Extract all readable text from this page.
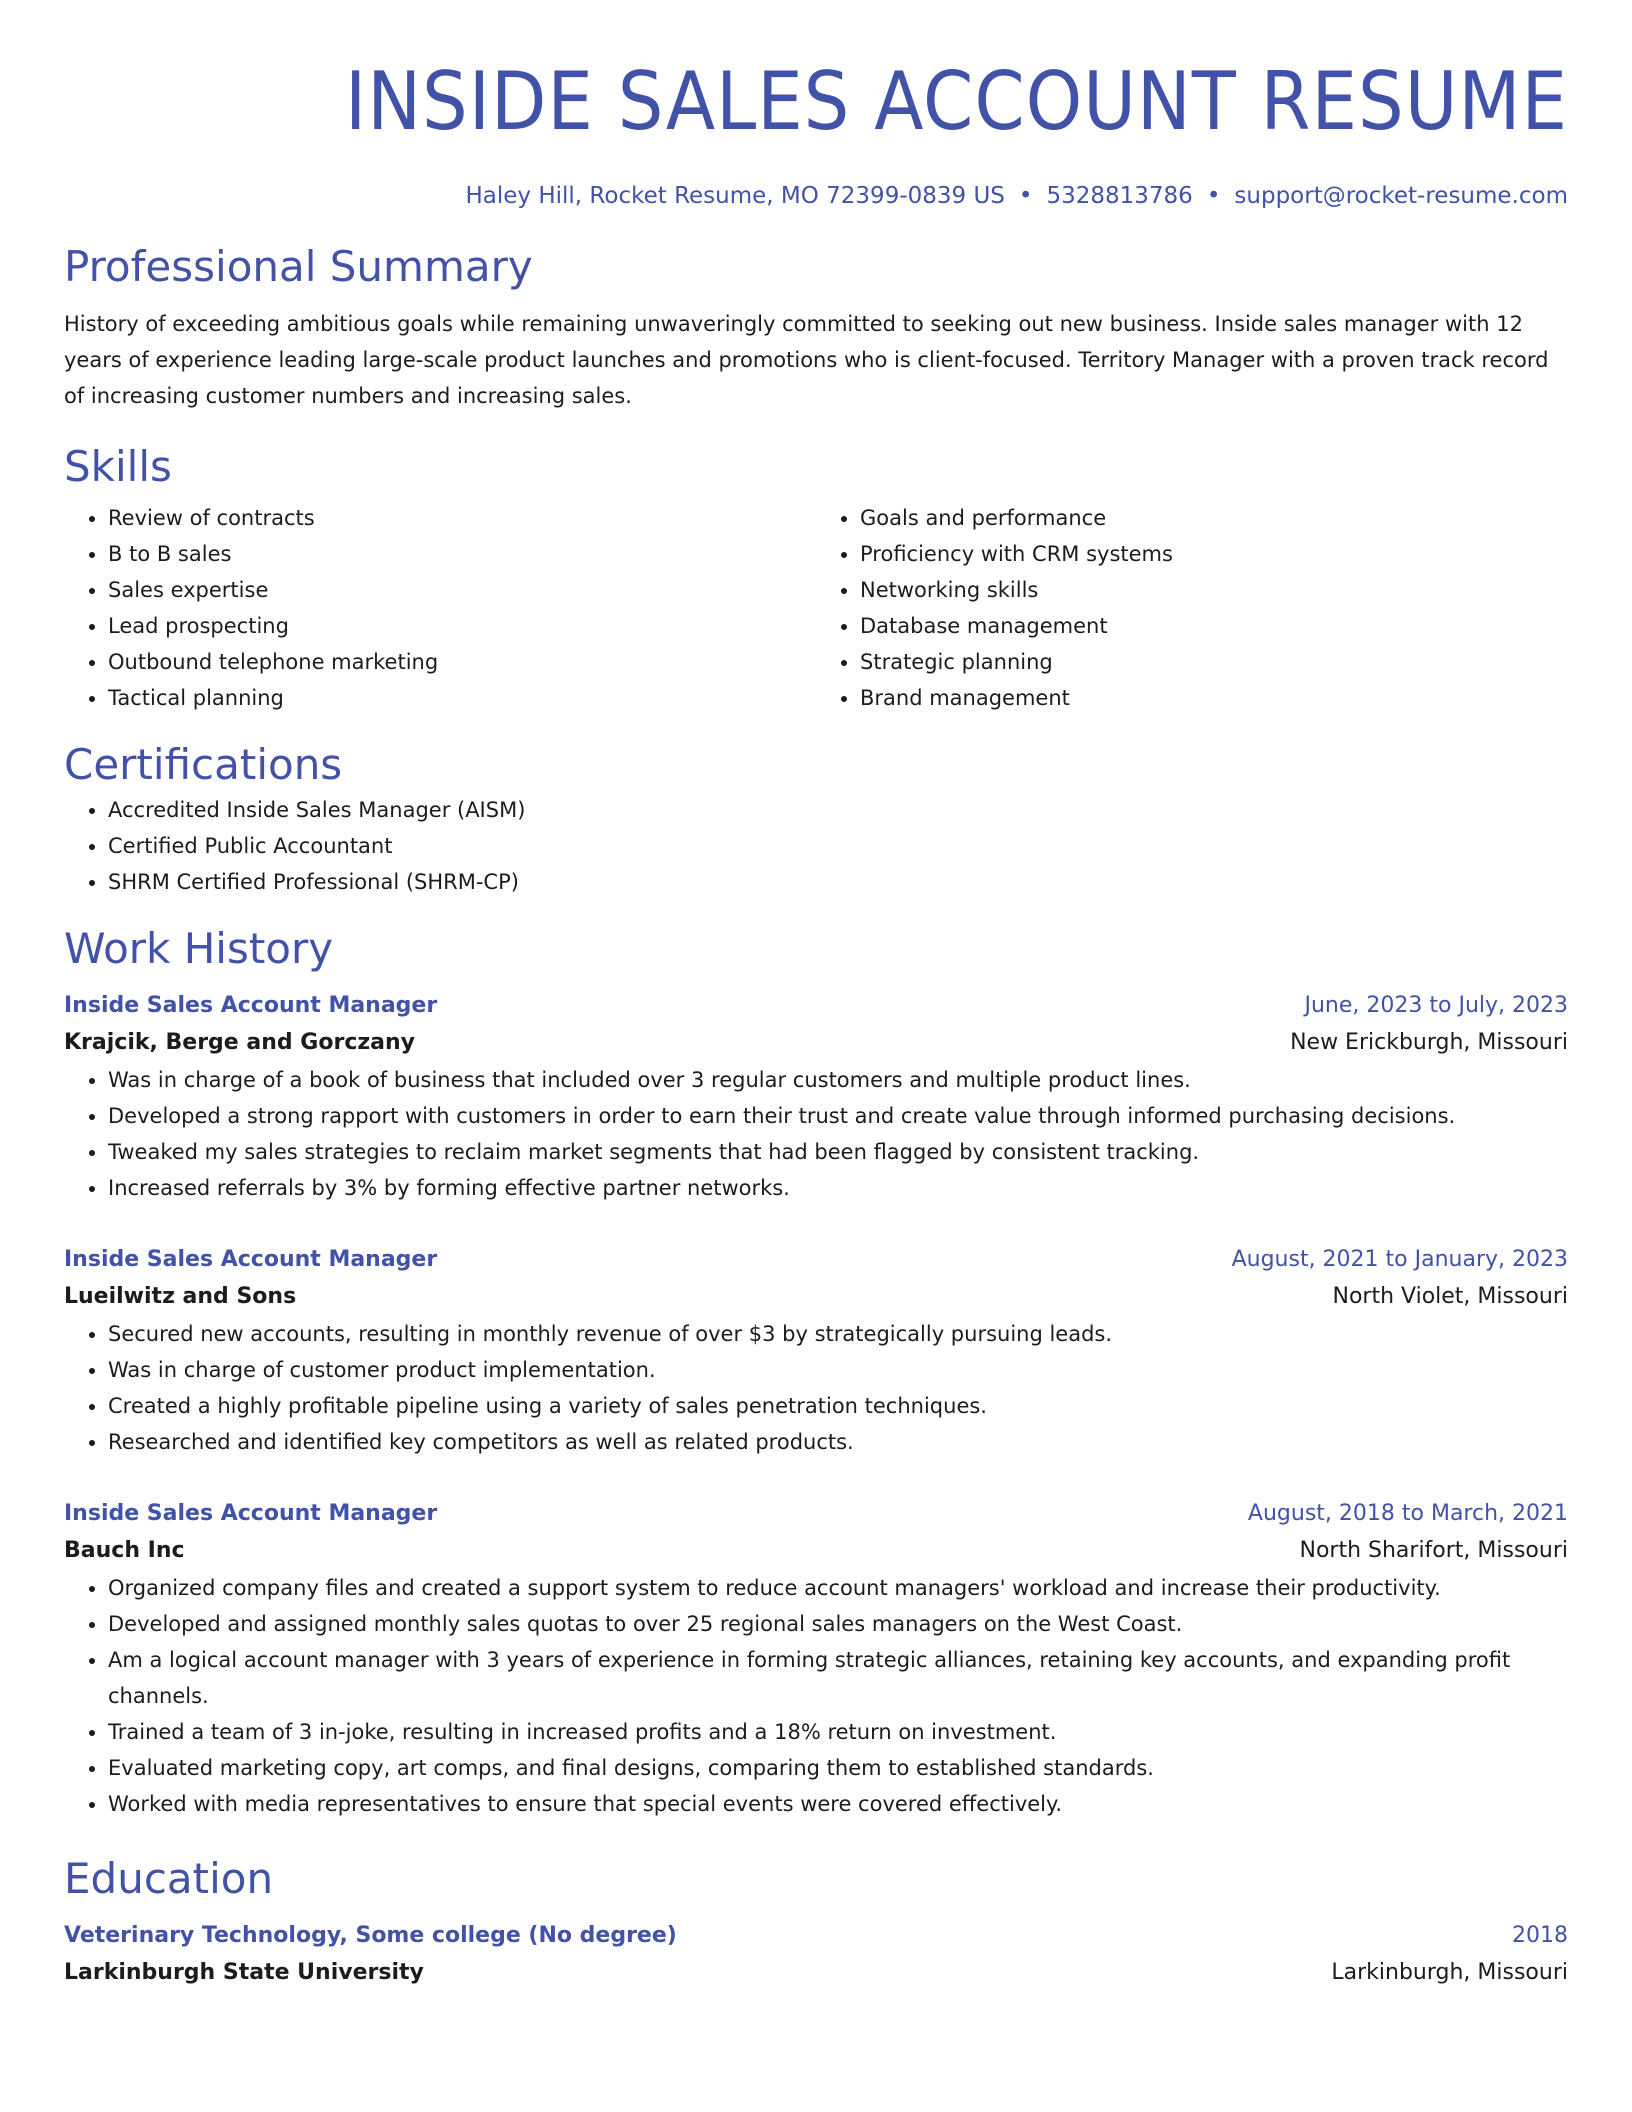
INSIDE SALES ACCOUNT RESUME
Haley Hill, Rocket Resume, MO 72399-0839 US • 5328813786 • support@rocket-resume.com
Professional Summary

History of exceeding ambitious goals while remaining unwaveringly committed to seeking out new business. Inside sales manager with 12 years of experience leading large-scale product launches and promotions who is client-focused. Territory Manager with a proven track record of increasing customer numbers and increasing sales.

Skills
• Review of contracts
• B to B sales
• Sales expertise
• Lead prospecting
• Outbound telephone marketing
• Tactical planning
• Goals and performance
• Proficiency with CRM systems
• Networking skills
• Database management
• Strategic planning
• Brand management
Certifications
• Accredited Inside Sales Manager (AISM)
• Certified Public Accountant
• SHRM Certified Professional (SHRM-CP)
Work History
Inside Sales Account Manager	June, 2023 to July, 2023
Krajcik, Berge and Gorczany	New Erickburgh, Missouri
• Was in charge of a book of business that included over 3 regular customers and multiple product lines.
• Developed a strong rapport with customers in order to earn their trust and create value through informed purchasing decisions.
• Tweaked my sales strategies to reclaim market segments that had been flagged by consistent tracking.
• Increased referrals by 3% by forming effective partner networks.
Inside Sales Account Manager	August, 2021 to January, 2023
Lueilwitz and Sons	North Violet, Missouri
• Secured new accounts, resulting in monthly revenue of over $3 by strategically pursuing leads.
• Was in charge of customer product implementation.
• Created a highly profitable pipeline using a variety of sales penetration techniques.
• Researched and identified key competitors as well as related products.
Inside Sales Account Manager	August, 2018 to March, 2021
Bauch Inc	North Sharifort, Missouri
• Organized company files and created a support system to reduce account managers' workload and increase their productivity.
• Developed and assigned monthly sales quotas to over 25 regional sales managers on the West Coast.
• Am a logical account manager with 3 years of experience in forming strategic alliances, retaining key accounts, and expanding profit channels.
• Trained a team of 3 in-joke, resulting in increased profits and a 18% return on investment.
• Evaluated marketing copy, art comps, and final designs, comparing them to established standards.
• Worked with media representatives to ensure that special events were covered effectively.
Education
Veterinary Technology, Some college (No degree)	2018
Larkinburgh State University	Larkinburgh, Missouri
